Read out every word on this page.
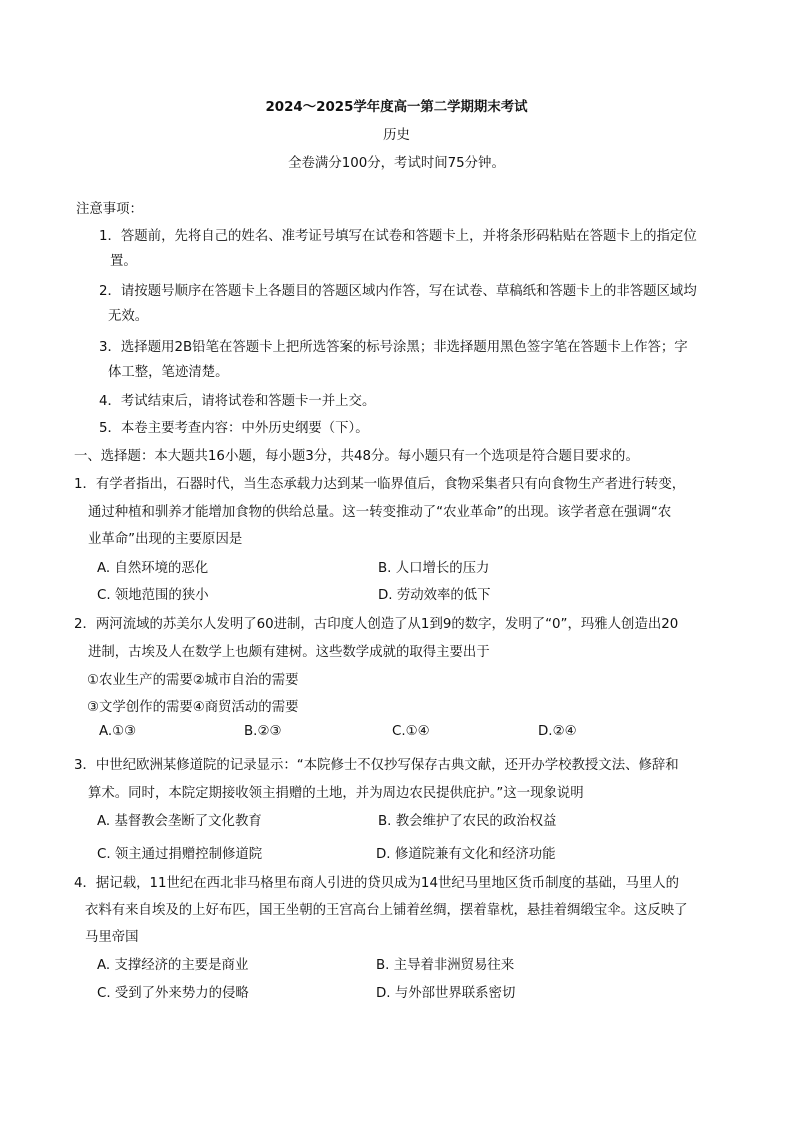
2024～2025学年度高一第二学期期末考试
历史
全卷满分100分，考试时间75分钟。
注意事项：
1．答题前，先将自己的姓名、准考证号填写在试卷和答题卡上，并将条形码粘贴在答题卡上的指定位
置。
2．请按题号顺序在答题卡上各题目的答题区域内作答，写在试卷、草稿纸和答题卡上的非答题区域均
无效。
3．选择题用2B铅笔在答题卡上把所选答案的标号涂黑；非选择题用黑色签字笔在答题卡上作答；字
体工整，笔迹清楚。
4．考试结束后，请将试卷和答题卡一并上交。
5．本卷主要考查内容：中外历史纲要（下）。
一、选择题：本大题共16小题，每小题3分，共48分。每小题只有一个选项是符合题目要求的。
1．有学者指出，石器时代，当生态承载力达到某一临界值后，食物采集者只有向食物生产者进行转变，
通过种植和驯养才能增加食物的供给总量。这一转变推动了“农业革命”的出现。该学者意在强调“农
业革命”出现的主要原因是
A. 自然环境的恶化	B. 人口增长的压力
C. 领地范围的狭小	D. 劳动效率的低下
2．两河流域的苏美尔人发明了60进制，古印度人创造了从1到9的数字，发明了“0”，玛雅人创造出20
进制，古埃及人在数学上也颇有建树。这些数学成就的取得主要出于
①农业生产的需要②城市自治的需要
③文学创作的需要④商贸活动的需要
A.①③	B.②③	C.①④	D.②④
3．中世纪欧洲某修道院的记录显示：“本院修士不仅抄写保存古典文献，还开办学校教授文法、修辞和
算术。同时，本院定期接收领主捐赠的土地，并为周边农民提供庇护。”这一现象说明
A. 基督教会垄断了文化教育	B. 教会维护了农民的政治权益
C. 领主通过捐赠控制修道院	D. 修道院兼有文化和经济功能
4．据记载，11世纪在西北非马格里布商人引进的贷贝成为14世纪马里地区货币制度的基础，马里人的
衣料有来自埃及的上好布匹，国王坐朝的王宫高台上铺着丝绸，摆着靠枕，悬挂着绸缎宝伞。这反映了
马里帝国
A. 支撑经济的主要是商业	B. 主导着非洲贸易往来
C. 受到了外来势力的侵略	D. 与外部世界联系密切
